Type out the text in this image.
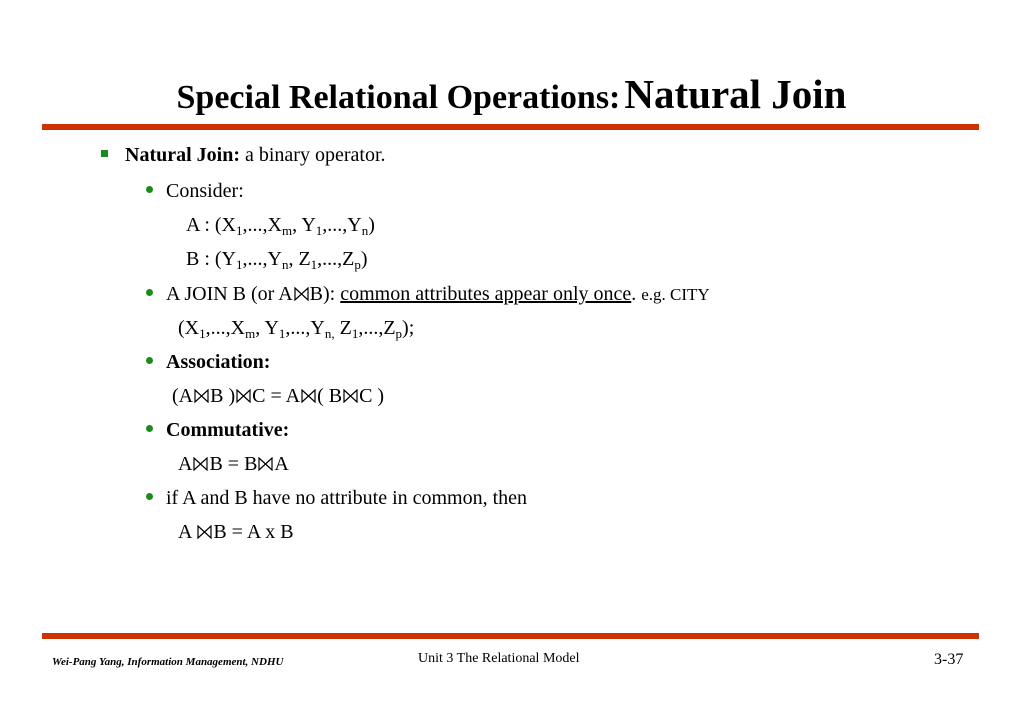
Special Relational Operations: Natural Join
Natural Join: a binary operator.
Consider:
A : ($X_1,...,X_m$, $Y_1,...,Y_n$)
B : ($Y_1,...,Y_n$, $Z_1,...,Z_p$)
A JOIN B (or A B): common attributes appear only once. e.g. CITY
($X_1,...,X_m$, $Y_1,...,Y_{n,}$ $Z_1,...,Z_p$);
Association:
(A B ) C = A ( B C )
Commutative:
A B = B A
if A and B have no attribute in common, then
A B = A x B
Wei-Pang Yang, Information Management, NDHU	Unit 3 The Relational Model	3-37
